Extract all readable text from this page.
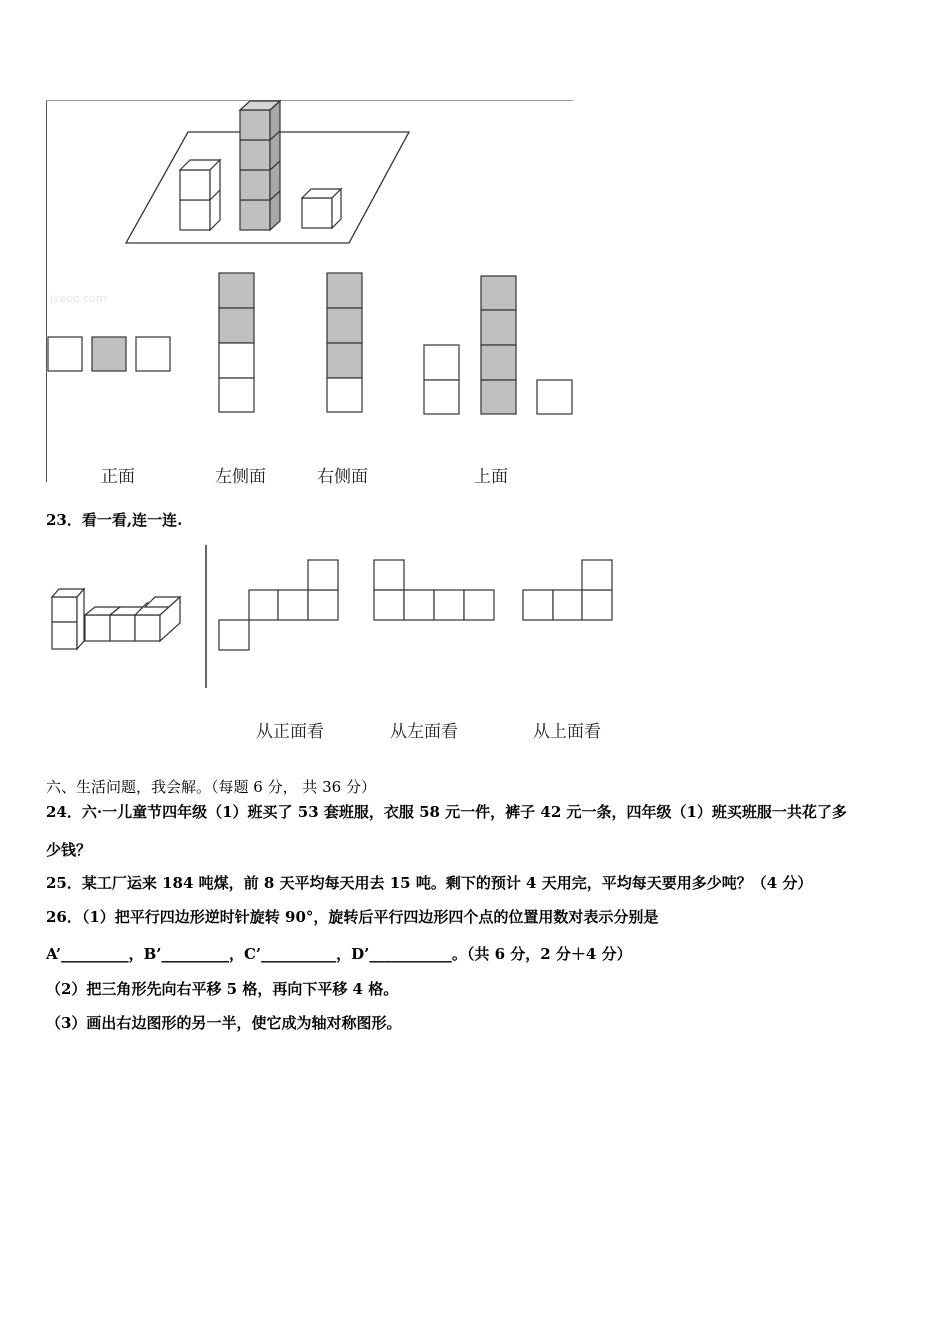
jyeoo.com
正面	左侧面	右侧面	上面
23．看一看,连一连.
从正面看	从左面看	从上面看
六、生活问题，我会解。（每题 6 分， 共 36 分）
24．六·一儿童节四年级（1）班买了 53 套班服，衣服 58 元一件，裤子 42 元一条，四年级（1）班买班服一共花了多
少钱？
25．某工厂运来 184 吨煤，前 8 天平均每天用去 15 吨。剩下的预计 4 天用完，平均每天要用多少吨？（4 分）
26．（1）把平行四边形逆时针旋转 90°，旋转后平行四边形四个点的位置用数对表示分别是
A’_________，B’_________，C’__________，D’___________。（共 6 分，2 分＋4 分）
（2）把三角形先向右平移 5 格，再向下平移 4 格。
（3）画出右边图形的另一半，使它成为轴对称图形。
